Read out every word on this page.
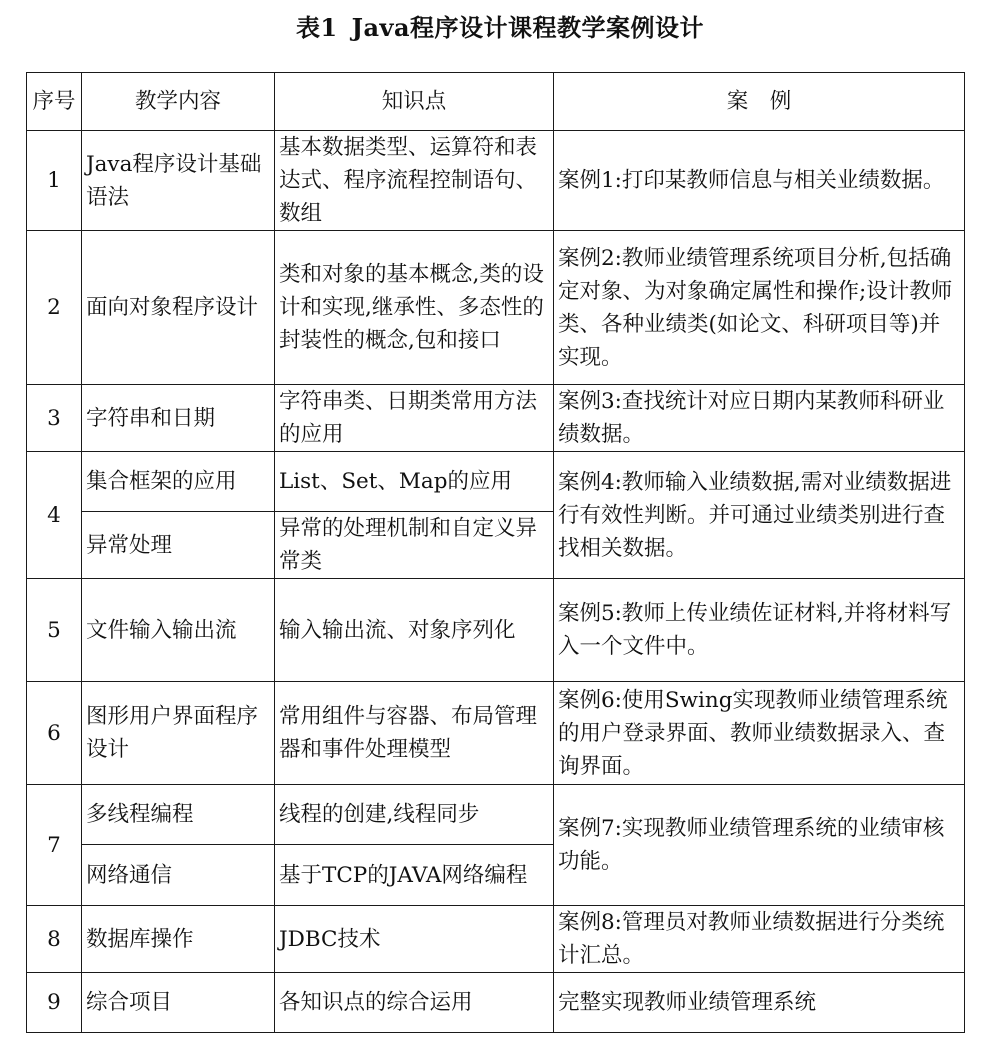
表1 Java程序设计课程教学案例设计
序号	教学内容	知识点	案　例
1	Java程序设计基础语法	基本数据类型、运算符和表达式、程序流程控制语句、数组	案例1:打印某教师信息与相关业绩数据。
2	面向对象程序设计	类和对象的基本概念,类的设计和实现,继承性、多态性的封装性的概念,包和接口	案例2:教师业绩管理系统项目分析,包括确定对象、为对象确定属性和操作;设计教师类、各种业绩类(如论文、科研项目等)并实现。
3	字符串和日期	字符串类、日期类常用方法的应用	案例3:查找统计对应日期内某教师科研业绩数据。
4	集合框架的应用	List、Set、Map的应用	案例4:教师输入业绩数据,需对业绩数据进行有效性判断。并可通过业绩类别进行查找相关数据。
	异常处理	异常的处理机制和自定义异常类	
5	文件输入输出流	输入输出流、对象序列化	案例5:教师上传业绩佐证材料,并将材料写入一个文件中。
6	图形用户界面程序设计	常用组件与容器、布局管理器和事件处理模型	案例6:使用Swing实现教师业绩管理系统的用户登录界面、教师业绩数据录入、查询界面。
7	多线程编程	线程的创建,线程同步	案例7:实现教师业绩管理系统的业绩审核功能。
	网络通信	基于TCP的JAVA网络编程	
8	数据库操作	JDBC技术	案例8:管理员对教师业绩数据进行分类统计汇总。
9	综合项目	各知识点的综合运用	完整实现教师业绩管理系统
